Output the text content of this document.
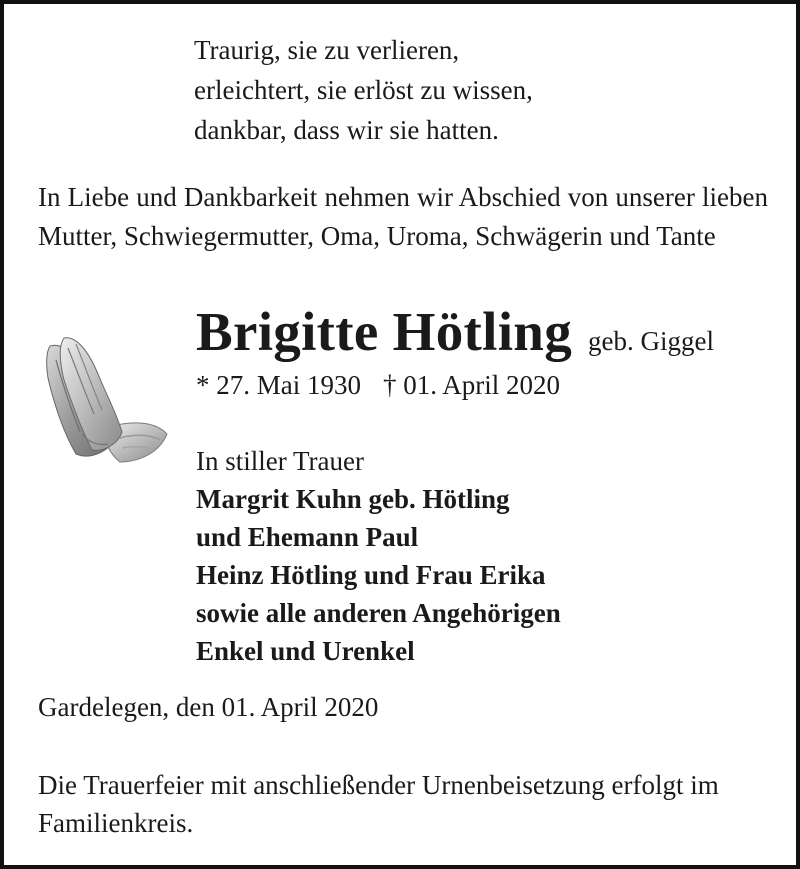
Traurig, sie zu verlieren,
erleichtert, sie erlöst zu wissen,
dankbar, dass wir sie hatten.
In Liebe und Dankbarkeit nehmen wir Abschied von unserer lieben Mutter, Schwiegermutter, Oma, Uroma, Schwägerin und Tante
Brigitte Hötling geb. Giggel
* 27. Mai 1930 † 01. April 2020
In stiller Trauer
Margrit Kuhn geb. Hötling
und Ehemann Paul
Heinz Hötling und Frau Erika
sowie alle anderen Angehörigen
Enkel und Urenkel
Gardelegen, den 01. April 2020
Die Trauerfeier mit anschließender Urnenbeisetzung erfolgt im Familienkreis.
